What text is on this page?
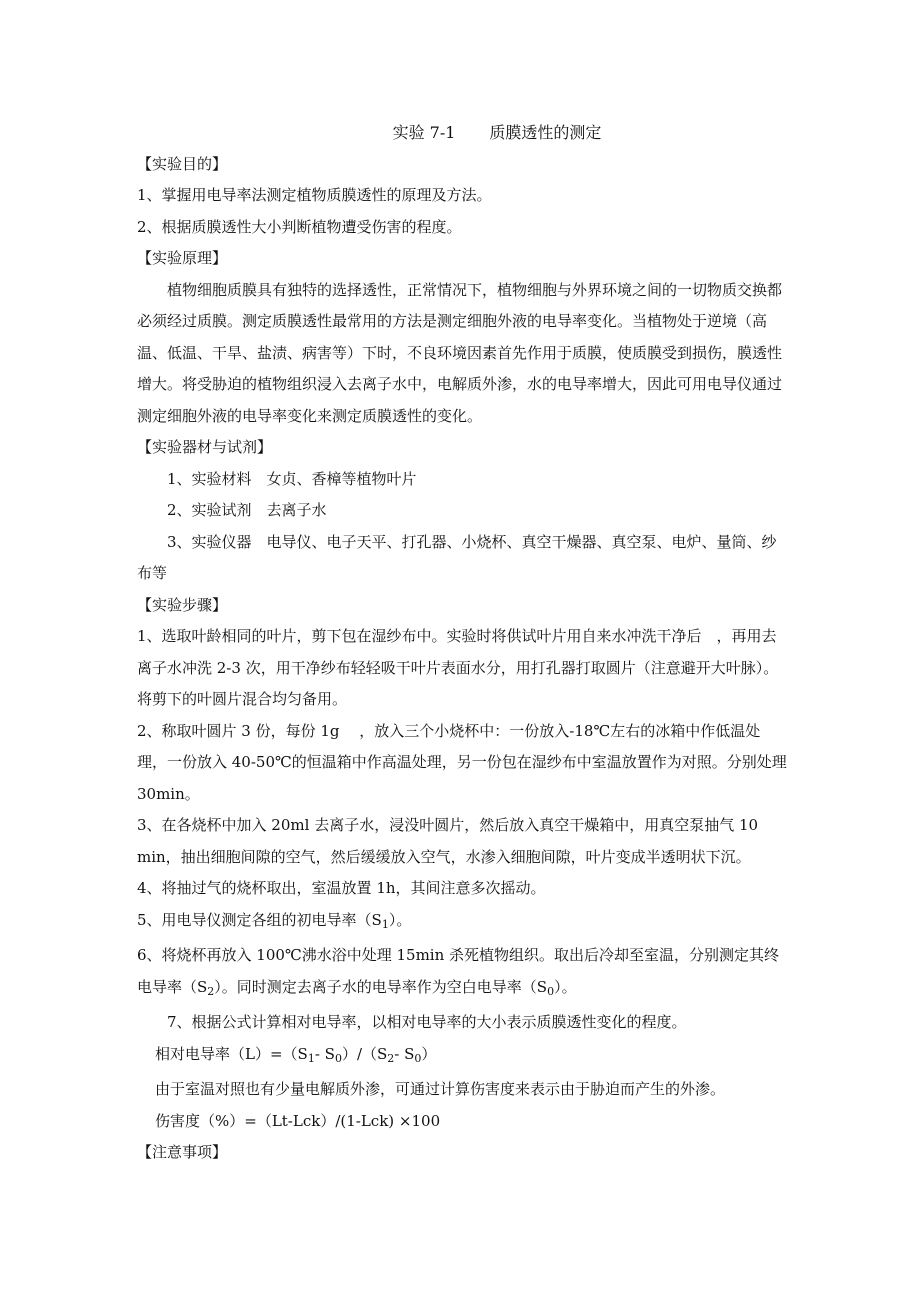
实验 7-1 质膜透性的测定

【实验目的】

1、掌握用电导率法测定植物质膜透性的原理及方法。

2、根据质膜透性大小判断植物遭受伤害的程度。

【实验原理】

植物细胞质膜具有独特的选择透性，正常情况下，植物细胞与外界环境之间的一切物质交换都必须经过质膜。测定质膜透性最常用的方法是测定细胞外液的电导率变化。当植物处于逆境（高温、低温、干旱、盐渍、病害等）下时，不良环境因素首先作用于质膜，使质膜受到损伤，膜透性增大。将受胁迫的植物组织浸入去离子水中，电解质外渗，水的电导率增大，因此可用电导仪通过测定细胞外液的电导率变化来测定质膜透性的变化。

【实验器材与试剂】

1、实验材料　女贞、香樟等植物叶片

2、实验试剂　去离子水

3、实验仪器　电导仪、电子天平、打孔器、小烧杯、真空干燥器、真空泵、电炉、量筒、纱布等

【实验步骤】

1、选取叶龄相同的叶片，剪下包在湿纱布中。实验时将供试叶片用自来水冲洗干净后　，再用去离子水冲洗 2-3 次，用干净纱布轻轻吸干叶片表面水分，用打孔器打取圆片（注意避开大叶脉）。将剪下的叶圆片混合均匀备用。

2、称取叶圆片 3 份，每份 1g　 ，放入三个小烧杯中：一份放入-18℃左右的冰箱中作低温处理，一份放入 40-50℃的恒温箱中作高温处理，另一份包在湿纱布中室温放置作为对照。分别处理 30min。

3、在各烧杯中加入 20ml 去离子水，浸没叶圆片，然后放入真空干燥箱中，用真空泵抽气 10　min，抽出细胞间隙的空气，然后缓缓放入空气，水渗入细胞间隙，叶片变成半透明状下沉。

4、将抽过气的烧杯取出，室温放置 1h，其间注意多次摇动。

5、用电导仪测定各组的初电导率$(S_1)$。

6、将烧杯再放入 100℃沸水浴中处理 15min 杀死植物组织。取出后冷却至室温，分别测定其终电导率$(S_2)$。同时测定去离子水的电导率作为空白电导率$(S_0)$。

7、根据公式计算相对电导率，以相对电导率的大小表示质膜透性变化的程度。

相对电导率$(L)=(S_1-$ $S_0)/(S_2-$ $S_0$）

由于室温对照也有少量电解质外渗，可通过计算伤害度来表示由于胁迫而产生的外渗。

伤害度（%）=（Lt-Lck）/(1-Lck) ×100

【注意事项】
